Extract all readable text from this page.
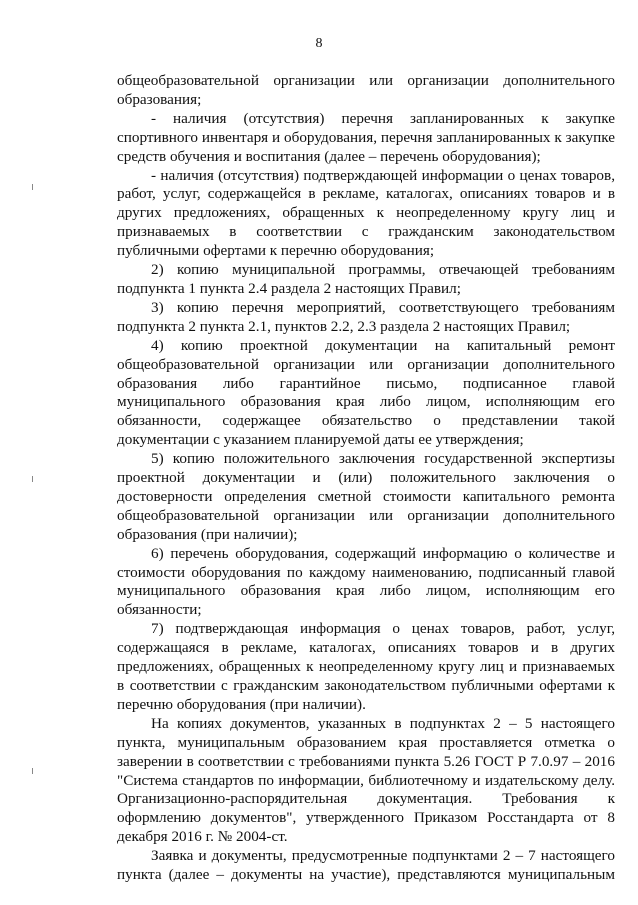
8

общеобразовательной организации или организации дополнительного образования;

- наличия (отсутствия) перечня запланированных к закупке спортивного инвентаря и оборудования, перечня запланированных к закупке средств обучения и воспитания (далее – перечень оборудования);

- наличия (отсутствия) подтверждающей информации о ценах товаров, работ, услуг, содержащейся в рекламе, каталогах, описаниях товаров и в других предложениях, обращенных к неопределенному кругу лиц и признаваемых в соответствии с гражданским законодательством публичными офертами к перечню оборудования;

2) копию муниципальной программы, отвечающей требованиям подпункта 1 пункта 2.4 раздела 2 настоящих Правил;

3) копию перечня мероприятий, соответствующего требованиям подпункта 2 пункта 2.1, пунктов 2.2, 2.3 раздела 2 настоящих Правил;

4) копию проектной документации на капитальный ремонт общеобразовательной организации или организации дополнительного образования либо гарантийное письмо, подписанное главой муниципального образования края либо лицом, исполняющим его обязанности, содержащее обязательство о представлении такой документации с указанием планируемой даты ее утверждения;

5) копию положительного заключения государственной экспертизы проектной документации и (или) положительного заключения о достоверности определения сметной стоимости капитального ремонта общеобразовательной организации или организации дополнительного образования (при наличии);

6) перечень оборудования, содержащий информацию о количестве и стоимости оборудования по каждому наименованию, подписанный главой муниципального образования края либо лицом, исполняющим его обязанности;

7) подтверждающая информация о ценах товаров, работ, услуг, содержащаяся в рекламе, каталогах, описаниях товаров и в других предложениях, обращенных к неопределенному кругу лиц и признаваемых в соответствии с гражданским законодательством публичными офертами к перечню оборудования (при наличии).

На копиях документов, указанных в подпунктах 2 – 5 настоящего пункта, муниципальным образованием края проставляется отметка о заверении в соответствии с требованиями пункта 5.26 ГОСТ Р 7.0.97 – 2016 "Система стандартов по информации, библиотечному и издательскому делу. Организационно-распорядительная документация. Требования к оформлению документов", утвержденного Приказом Росстандарта от 8 декабря 2016 г. № 2004-ст.

Заявка и документы, предусмотренные подпунктами 2 – 7 настоящего пункта (далее – документы на участие), представляются муниципальным
